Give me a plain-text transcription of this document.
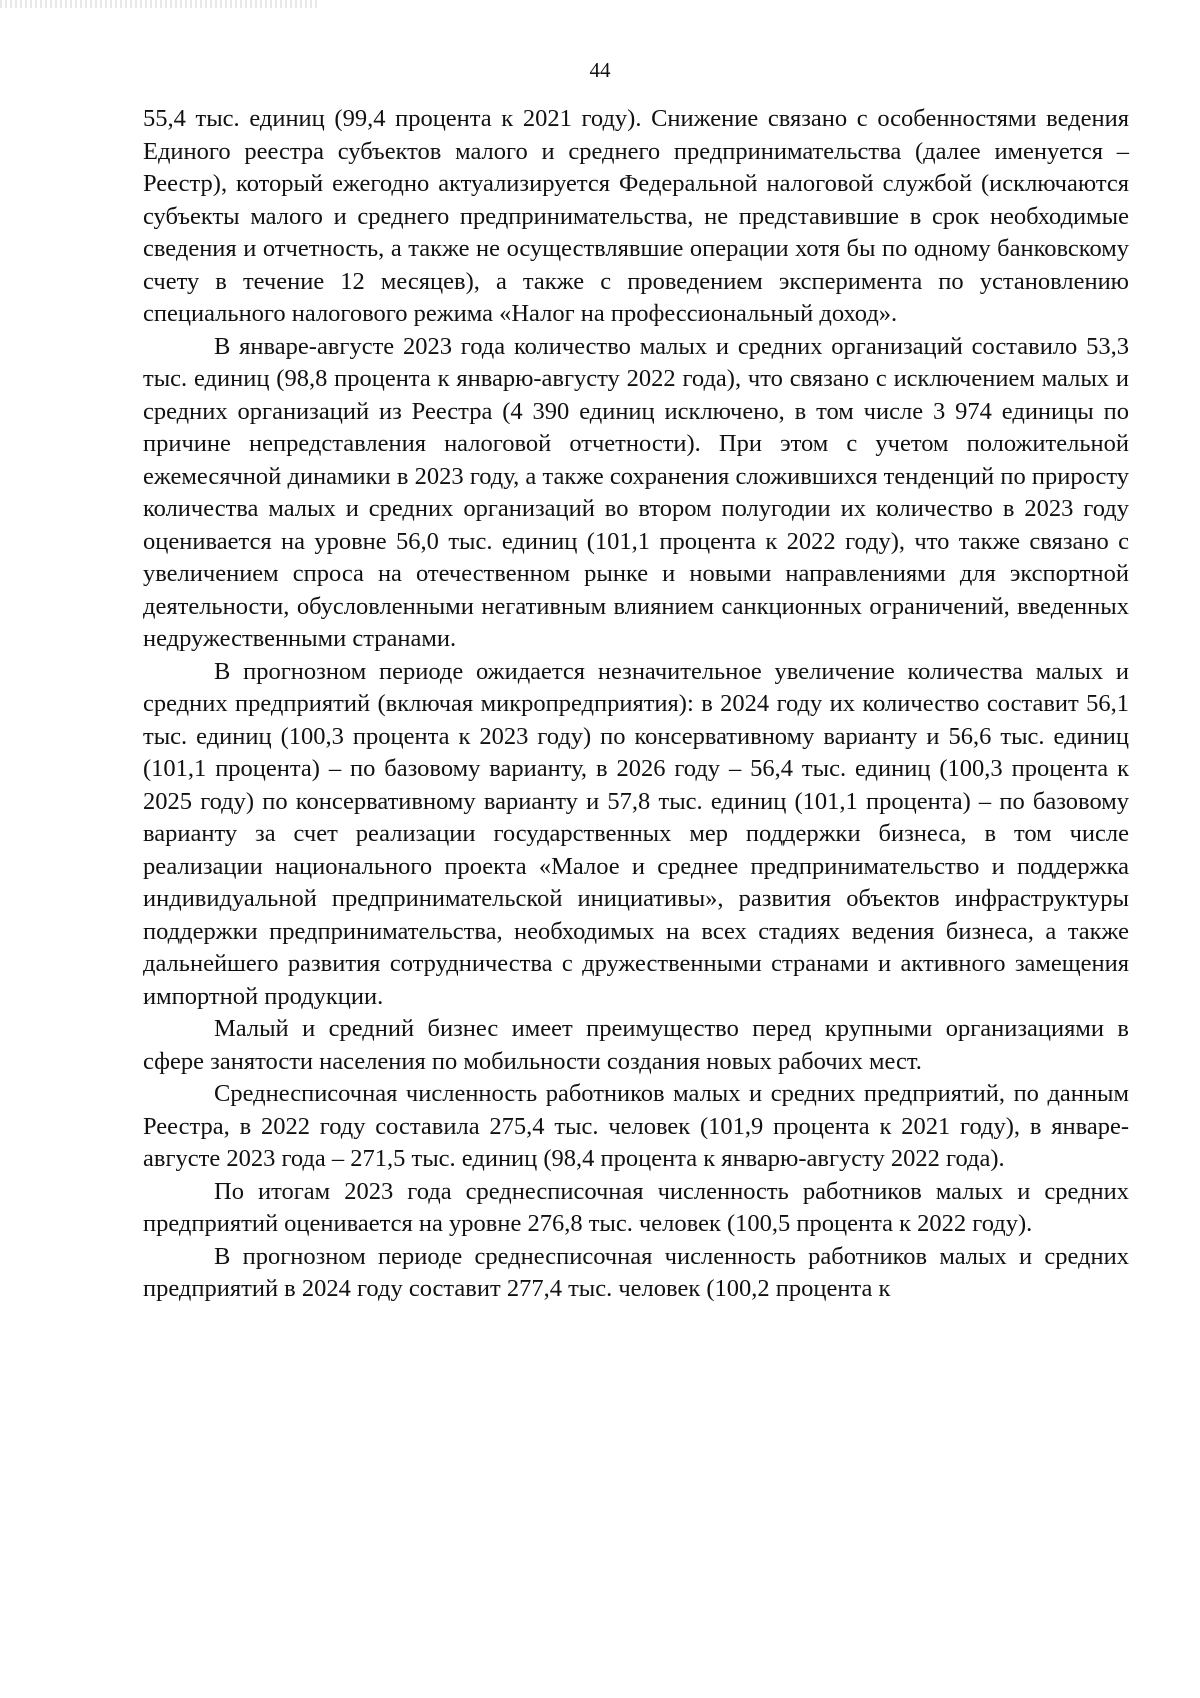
44

55,4 тыс. единиц (99,4 процента к 2021 году). Снижение связано с особенностями ведения Единого реестра субъектов малого и среднего предпринимательства (далее именуется – Реестр), который ежегодно актуализируется Федеральной налоговой службой (исключаются субъекты малого и среднего предпринимательства, не представившие в срок необходимые сведения и отчетность, а также не осуществлявшие операции хотя бы по одному банковскому счету в течение 12 месяцев), а также с проведением эксперимента по установлению специального налогового режима «Налог на профессиональный доход».

В январе-августе 2023 года количество малых и средних организаций составило 53,3 тыс. единиц (98,8 процента к январю-августу 2022 года), что связано с исключением малых и средних организаций из Реестра (4 390 единиц исключено, в том числе 3 974 единицы по причине непредставления налоговой отчетности). При этом с учетом положительной ежемесячной динамики в 2023 году, а также сохранения сложившихся тенденций по приросту количества малых и средних организаций во втором полугодии их количество в 2023 году оценивается на уровне 56,0 тыс. единиц (101,1 процента к 2022 году), что также связано с увеличением спроса на отечественном рынке и новыми направлениями для экспортной деятельности, обусловленными негативным влиянием санкционных ограничений, введенных недружественными странами.

В прогнозном периоде ожидается незначительное увеличение количества малых и средних предприятий (включая микропредприятия): в 2024 году их количество составит 56,1 тыс. единиц (100,3 процента к 2023 году) по консервативному варианту и 56,6 тыс. единиц (101,1 процента) – по базовому варианту, в 2026 году – 56,4 тыс. единиц (100,3 процента к 2025 году) по консервативному варианту и 57,8 тыс. единиц (101,1 процента) – по базовому варианту за счет реализации государственных мер поддержки бизнеса, в том числе реализации национального проекта «Малое и среднее предпринимательство и поддержка индивидуальной предпринимательской инициативы», развития объектов инфраструктуры поддержки предпринимательства, необходимых на всех стадиях ведения бизнеса, а также дальнейшего развития сотрудничества с дружественными странами и активного замещения импортной продукции.

Малый и средний бизнес имеет преимущество перед крупными организациями в сфере занятости населения по мобильности создания новых рабочих мест.

Среднесписочная численность работников малых и средних предприятий, по данным Реестра, в 2022 году составила 275,4 тыс. человек (101,9 процента к 2021 году), в январе-августе 2023 года – 271,5 тыс. единиц (98,4 процента к январю-августу 2022 года).

По итогам 2023 года среднесписочная численность работников малых и средних предприятий оценивается на уровне 276,8 тыс. человек (100,5 процента к 2022 году).

В прогнозном периоде среднесписочная численность работников малых и средних предприятий в 2024 году составит 277,4 тыс. человек (100,2 процента к
